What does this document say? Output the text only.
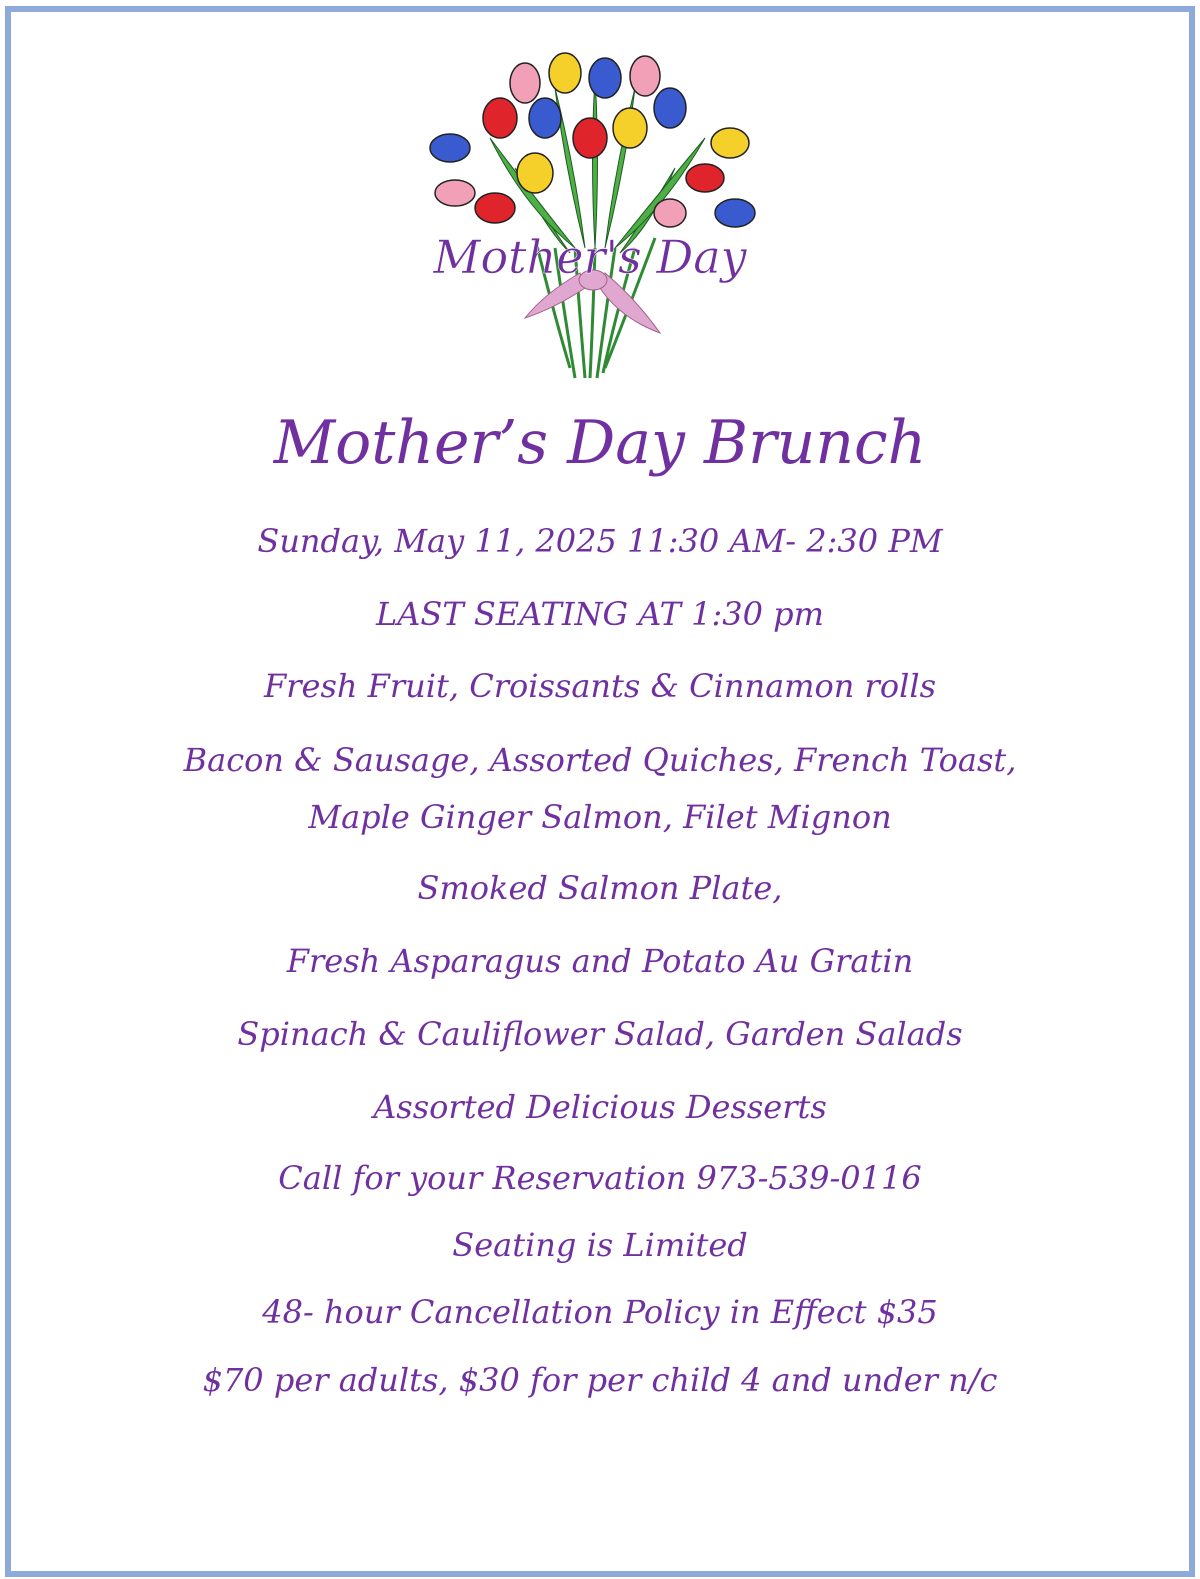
Mother's Day
Mother’s Day Brunch
Sunday, May 11, 2025 11:30 AM- 2:30 PM
LAST SEATING AT 1:30 pm
Fresh Fruit, Croissants & Cinnamon rolls
Bacon & Sausage, Assorted Quiches, French Toast,
Maple Ginger Salmon, Filet Mignon
Smoked Salmon Plate,
Fresh Asparagus and Potato Au Gratin
Spinach & Cauliflower Salad, Garden Salads
Assorted Delicious Desserts
Call for your Reservation 973-539-0116
Seating is Limited
48- hour Cancellation Policy in Effect $35
$70 per adults, $30 for per child 4 and under n/c
